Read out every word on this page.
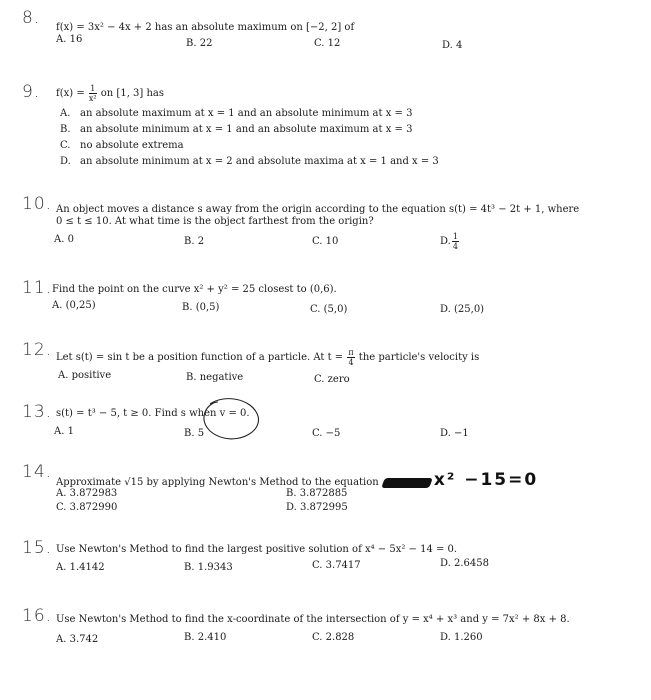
8. f(x) = 3x² − 4x + 2 has an absolute maximum on [−2, 2] of
A. 16	B. 22	C. 12	D. 4
9. $f(x) = \frac{1}{\text{x²}}$ on [1, 3] has
A. an absolute maximum at x = 1 and an absolute minimum at x = 3
B. an absolute minimum at x = 1 and an absolute maximum at x = 3
C. no absolute extrema
D. an absolute minimum at x = 2 and absolute maxima at x = 1 and x = 3
10. An object moves a distance s away from the origin according to the equation s(t) = 4t³ − 2t + 1, where
0 ≤ t ≤ 10. At what time is the object farthest from the origin?
A. 0	B. 2	C. 10	D. $\frac{1}{4}$
11. Find the point on the curve x² + y² = 25 closest to (0,6).
A. (0,25)	B. (0,5)	C. (5,0)	D. (25,0)
12. Let s(t) = sin t be a position function of a particle. At $t = \frac{\pi}{4}$ the particle's velocity is
A. positive	B. negative	C. zero
13. s(t) = t³ − 5, t ≥ 0. Find s when v = 0.
A. 1	B. 5	C. −5	D. −1
14.
Approximate √15 by applying Newton's Method to the equation	x² −15=0
A. 3.872983	B. 3.872885
C. 3.872990	D. 3.872995
15. Use Newton's Method to find the largest positive solution of x⁴ − 5x² − 14 = 0.
A. 1.4142	B. 1.9343	C. 3.7417	D. 2.6458
16. Use Newton's Method to find the x-coordinate of the intersection of y = x⁴ + x³ and y = 7x² + 8x + 8.
A. 3.742	B. 2.410	C. 2.828	D. 1.260
